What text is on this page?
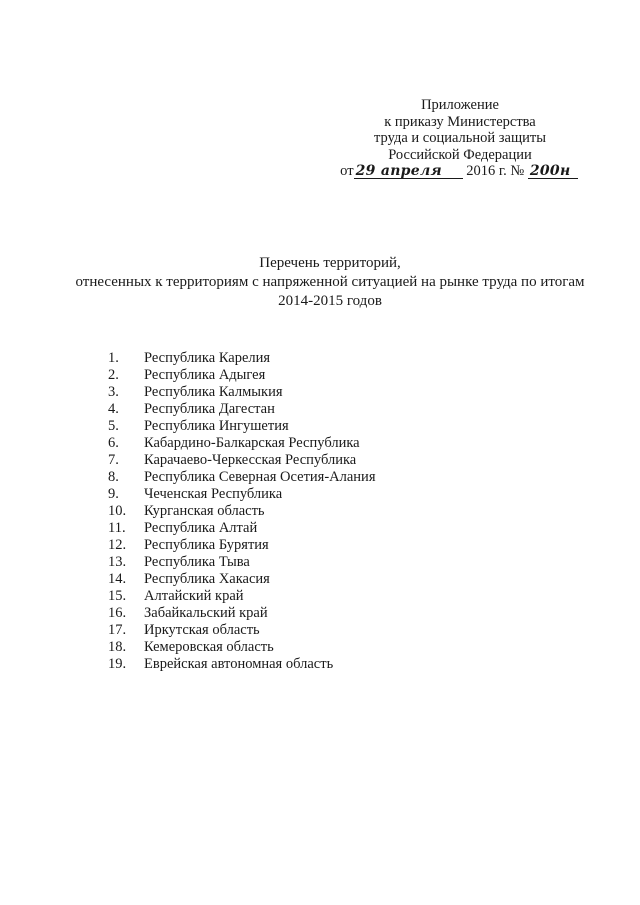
Приложение
к приказу Министерства
труда и социальной защиты
Российской Федерации
от 29 апреля 2016 г. № 200н
Перечень территорий,
отнесенных к территориям с напряженной ситуацией на рынке труда по итогам
2014-2015 годов
1. Республика Карелия
2. Республика Адыгея
3. Республика Калмыкия
4. Республика Дагестан
5. Республика Ингушетия
6. Кабардино-Балкарская Республика
7. Карачаево-Черкесская Республика
8. Республика Северная Осетия-Алания
9. Чеченская Республика
10. Курганская область
11. Республика Алтай
12. Республика Бурятия
13. Республика Тыва
14. Республика Хакасия
15. Алтайский край
16. Забайкальский край
17. Иркутская область
18. Кемеровская область
19. Еврейская автономная область
